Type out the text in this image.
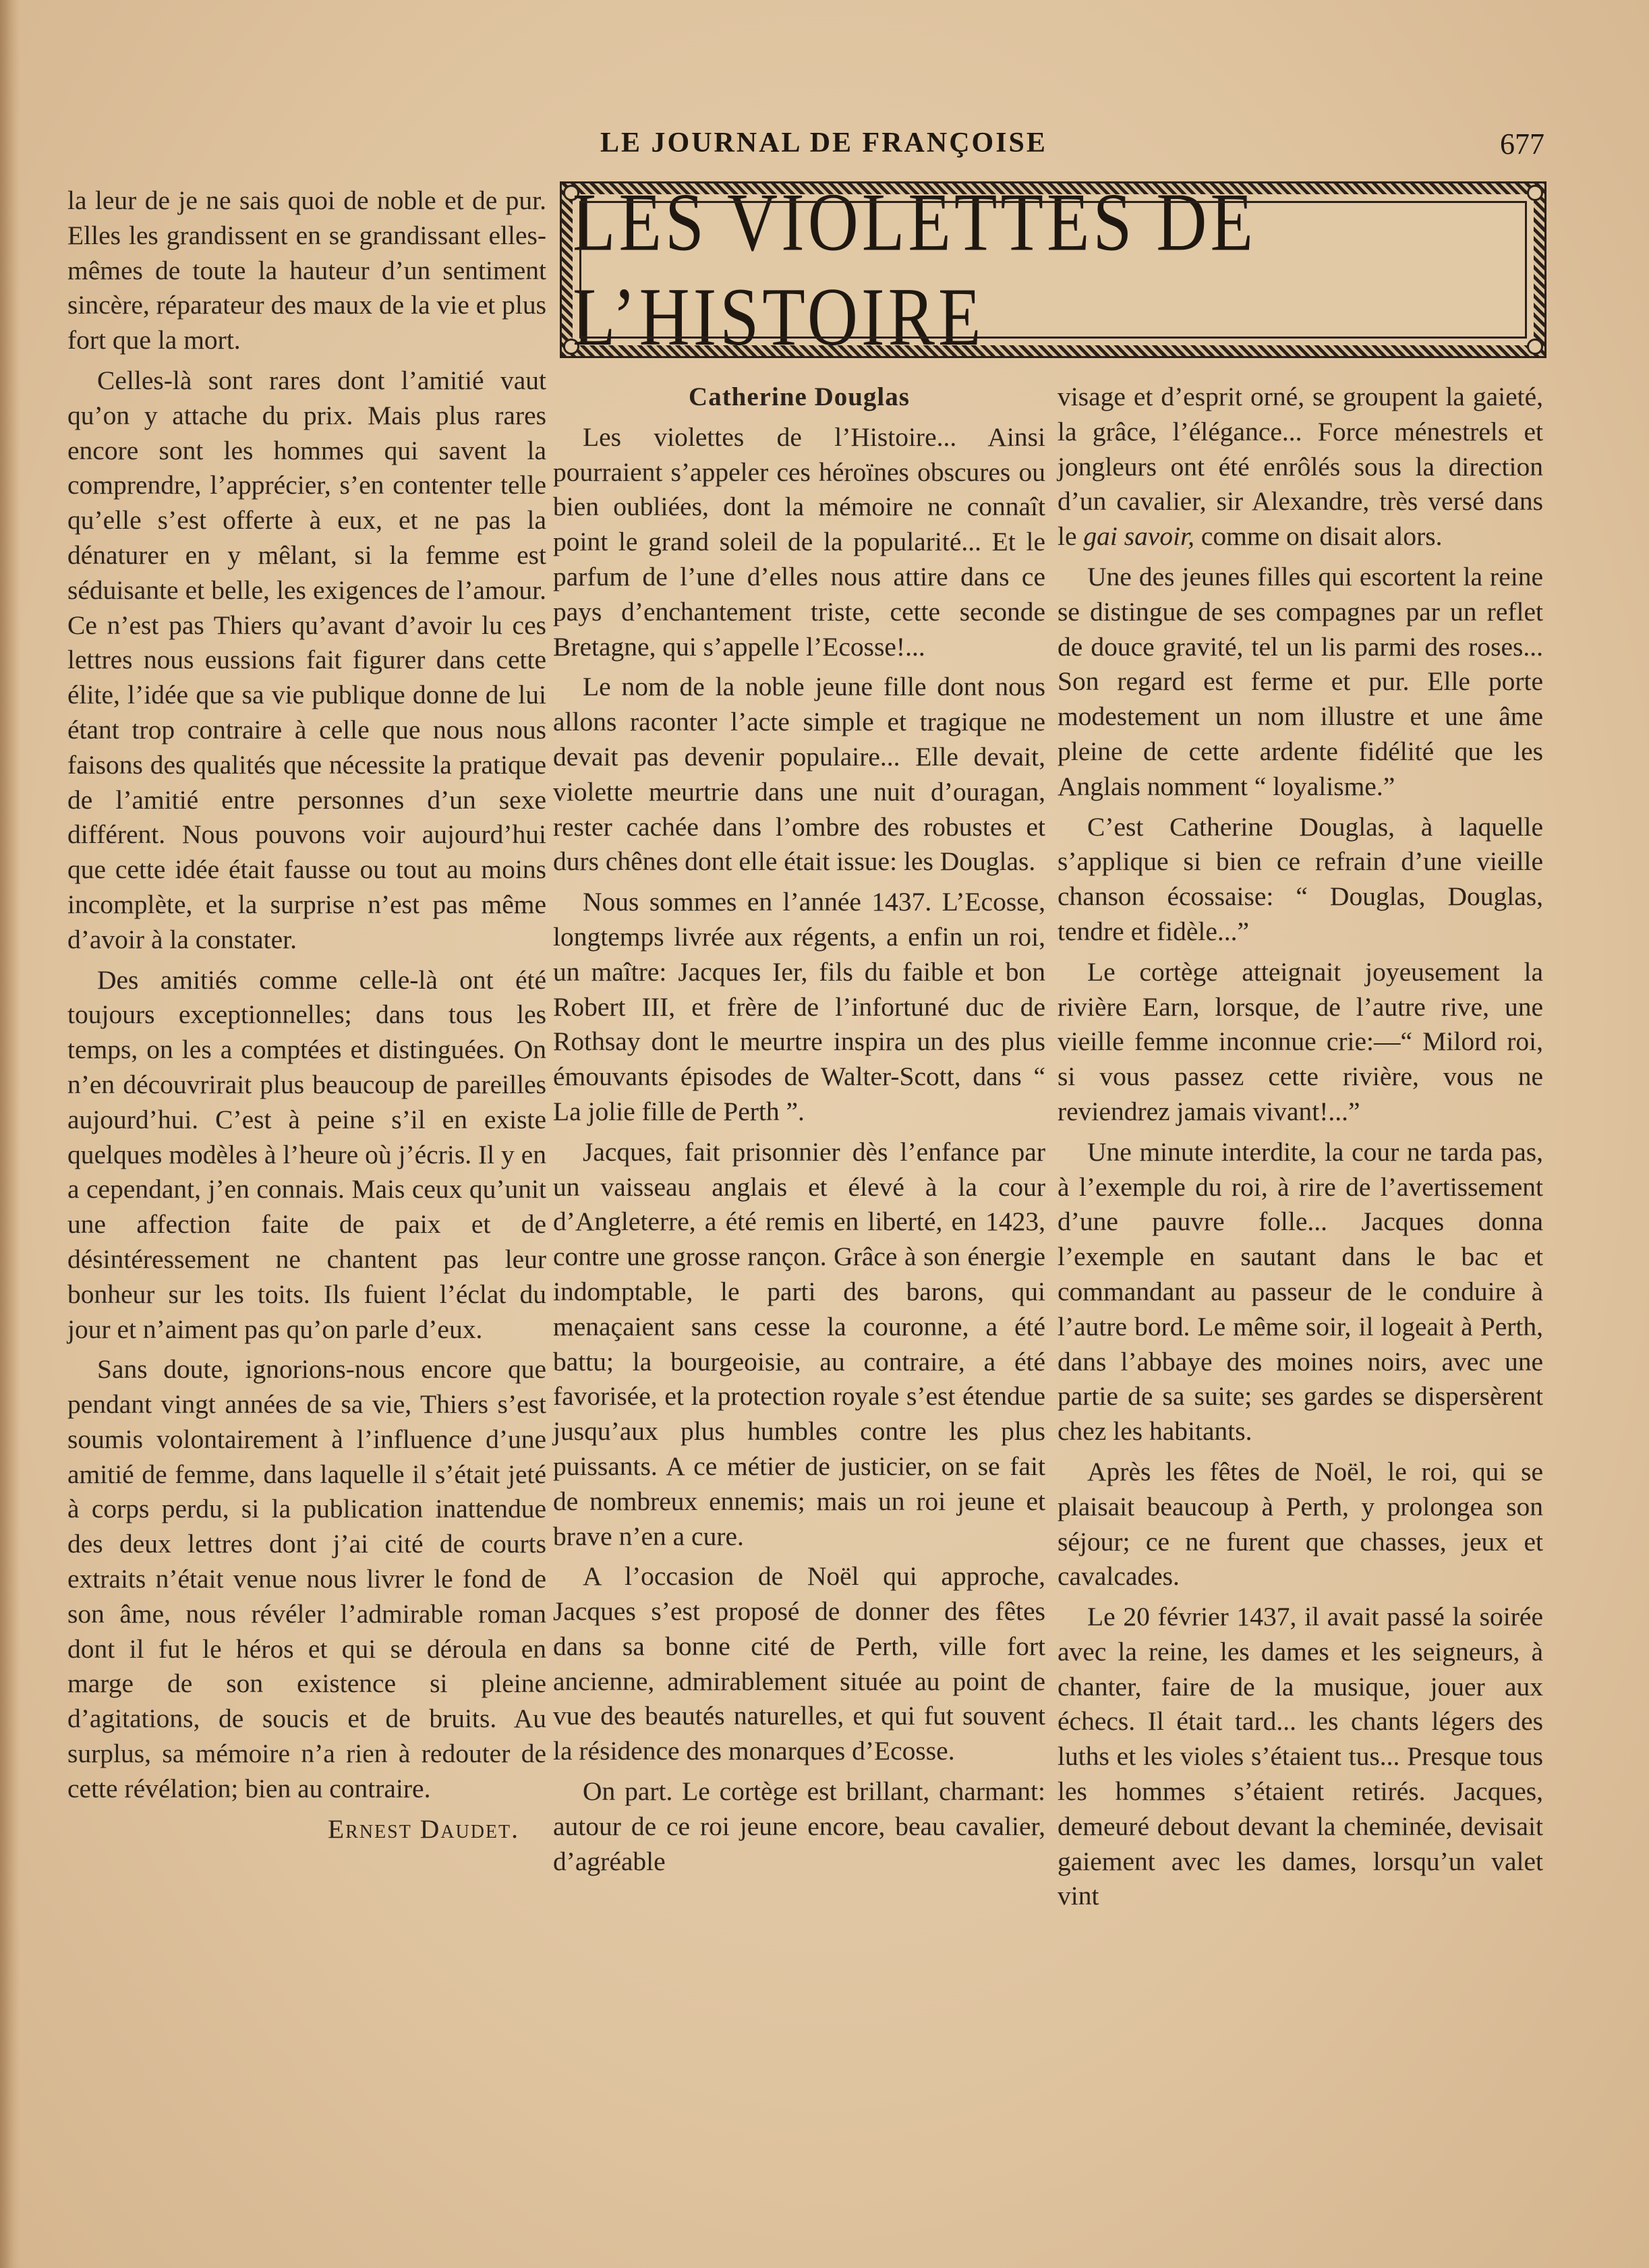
LE JOURNAL DE FRANÇOISE	677

la leur de je ne sais quoi de noble et de pur. Elles les grandissent en se grandissant elles-mêmes de toute la hauteur d’un sentiment sincère, réparateur des maux de la vie et plus fort que la mort.

Celles-là sont rares dont l’amitié vaut qu’on y attache du prix. Mais plus rares encore sont les hommes qui savent la comprendre, l’apprécier, s’en contenter telle qu’elle s’est offerte à eux, et ne pas la dénaturer en y mêlant, si la femme est séduisante et belle, les exigences de l’amour. Ce n’est pas Thiers qu’avant d’avoir lu ces lettres nous eussions fait figurer dans cette élite, l’idée que sa vie publique donne de lui étant trop contraire à celle que nous nous faisons des qualités que nécessite la pratique de l’amitié entre personnes d’un sexe différent. Nous pouvons voir aujourd’hui que cette idée était fausse ou tout au moins incomplète, et la surprise n’est pas même d’avoir à la constater.

Des amitiés comme celle-là ont été toujours exceptionnelles; dans tous les temps, on les a comptées et distinguées. On n’en découvrirait plus beaucoup de pareilles aujourd’hui. C’est à peine s’il en existe quelques modèles à l’heure où j’écris. Il y en a cependant, j’en connais. Mais ceux qu’unit une affection faite de paix et de désintéressement ne chantent pas leur bonheur sur les toits. Ils fuient l’éclat du jour et n’aiment pas qu’on parle d’eux.

Sans doute, ignorions-nous encore que pendant vingt années de sa vie, Thiers s’est soumis volontairement à l’influence d’une amitié de femme, dans laquelle il s’était jeté à corps perdu, si la publication inattendue des deux lettres dont j’ai cité de courts extraits n’était venue nous livrer le fond de son âme, nous révéler l’admirable roman dont il fut le héros et qui se déroula en marge de son existence si pleine d’agitations, de soucis et de bruits. Au surplus, sa mémoire n’a rien à redouter de cette révélation; bien au contraire.

Ernest Daudet.

LES VIOLETTES DE L’HISTOIRE

Catherine Douglas

Les violettes de l’Histoire... Ainsi pourraient s’appeler ces héroïnes obscures ou bien oubliées, dont la mémoire ne connaît point le grand soleil de la popularité... Et le parfum de l’une d’elles nous attire dans ce pays d’enchantement triste, cette seconde Bretagne, qui s’appelle l’Ecosse!...

Le nom de la noble jeune fille dont nous allons raconter l’acte simple et tragique ne devait pas devenir populaire... Elle devait, violette meurtrie dans une nuit d’ouragan, rester cachée dans l’ombre des robustes et durs chênes dont elle était issue: les Douglas.

Nous sommes en l’année 1437. L’Ecosse, longtemps livrée aux régents, a enfin un roi, un maître: Jacques Ier, fils du faible et bon Robert III, et frère de l’infortuné duc de Rothsay dont le meurtre inspira un des plus émouvants épisodes de Walter-Scott, dans “ La jolie fille de Perth ”.

Jacques, fait prisonnier dès l’enfance par un vaisseau anglais et élevé à la cour d’Angleterre, a été remis en liberté, en 1423, contre une grosse rançon. Grâce à son énergie indomptable, le parti des barons, qui menaçaient sans cesse la couronne, a été battu; la bourgeoisie, au contraire, a été favorisée, et la protection royale s’est étendue jusqu’aux plus humbles contre les plus puissants. A ce métier de justicier, on se fait de nombreux ennemis; mais un roi jeune et brave n’en a cure.

A l’occasion de Noël qui approche, Jacques s’est proposé de donner des fêtes dans sa bonne cité de Perth, ville fort ancienne, admirablement située au point de vue des beautés naturelles, et qui fut souvent la résidence des monarques d’Ecosse.

On part. Le cortège est brillant, charmant: autour de ce roi jeune encore, beau cavalier, d’agréable

visage et d’esprit orné, se groupent la gaieté, la grâce, l’élégance... Force ménestrels et jongleurs ont été enrôlés sous la direction d’un cavalier, sir Alexandre, très versé dans le gai savoir, comme on disait alors.

Une des jeunes filles qui escortent la reine se distingue de ses compagnes par un reflet de douce gravité, tel un lis parmi des roses... Son regard est ferme et pur. Elle porte modestement un nom illustre et une âme pleine de cette ardente fidélité que les Anglais nomment “ loyalisme.”

C’est Catherine Douglas, à laquelle s’applique si bien ce refrain d’une vieille chanson écossaise: “ Douglas, Douglas, tendre et fidèle...”

Le cortège atteignait joyeusement la rivière Earn, lorsque, de l’autre rive, une vieille femme inconnue crie:—“ Milord roi, si vous passez cette rivière, vous ne reviendrez jamais vivant!...”

Une minute interdite, la cour ne tarda pas, à l’exemple du roi, à rire de l’avertissement d’une pauvre folle... Jacques donna l’exemple en sautant dans le bac et commandant au passeur de le conduire à l’autre bord. Le même soir, il logeait à Perth, dans l’abbaye des moines noirs, avec une partie de sa suite; ses gardes se dispersèrent chez les habitants.

Après les fêtes de Noël, le roi, qui se plaisait beaucoup à Perth, y prolongea son séjour; ce ne furent que chasses, jeux et cavalcades.

Le 20 février 1437, il avait passé la soirée avec la reine, les dames et les seigneurs, à chanter, faire de la musique, jouer aux échecs. Il était tard... les chants légers des luths et les violes s’étaient tus... Presque tous les hommes s’étaient retirés. Jacques, demeuré debout devant la cheminée, devisait gaiement avec les dames, lorsqu’un valet vint
